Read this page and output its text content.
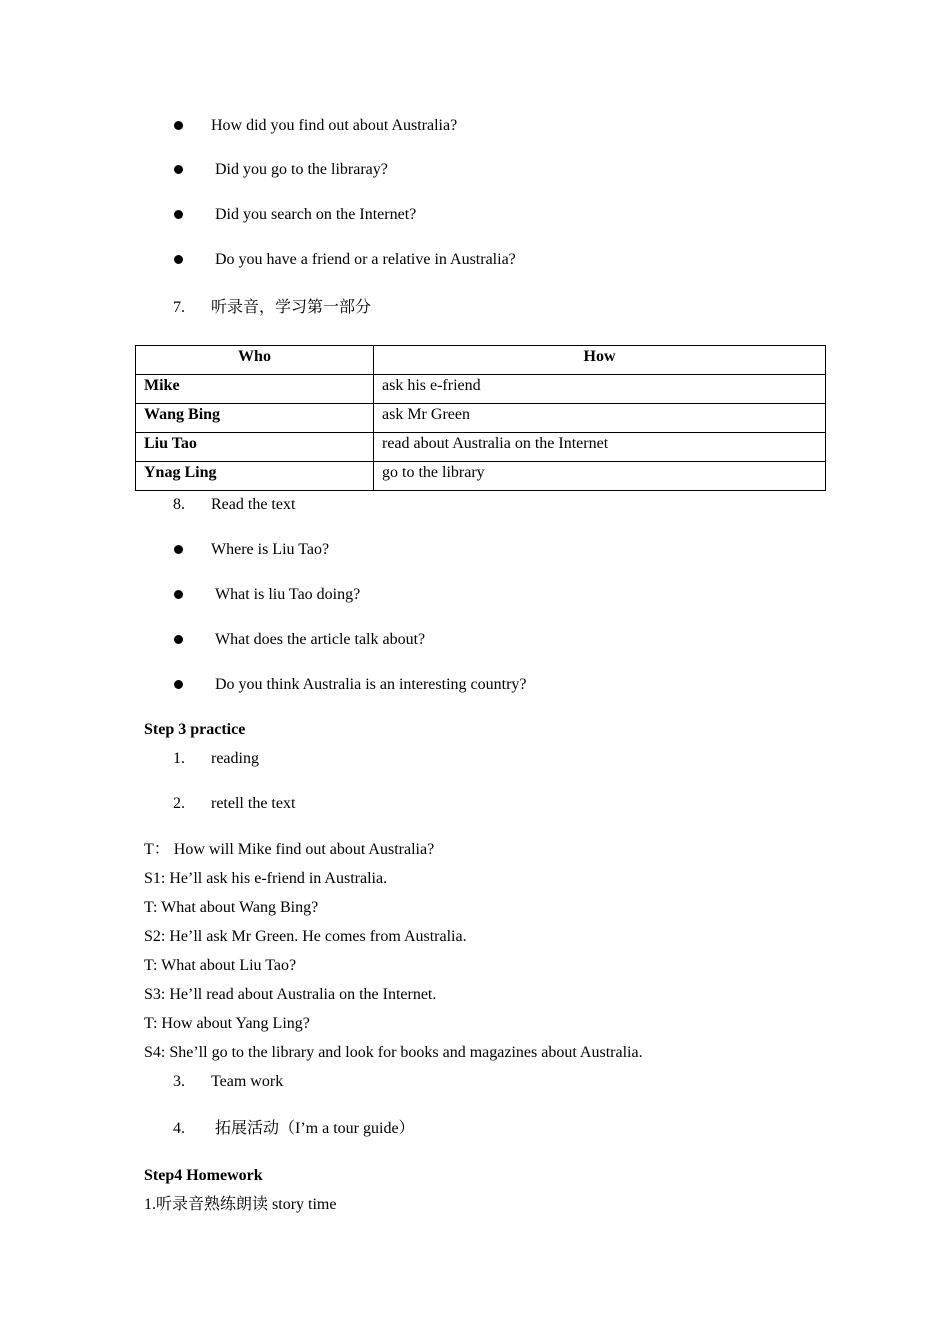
How did you find out about Australia?
Did you go to the libraray?
Did you search on the Internet?
Do you have a friend or a relative in Australia?
7. 听录音，学习第一部分
Who	How
Mike	ask his e-friend
Wang Bing	ask Mr Green
Liu Tao	read about Australia on the Internet
Ynag Ling	go to the library
8. Read the text
Where is Liu Tao?
What is liu Tao doing?
What does the article talk about?
Do you think Australia is an interesting country?
Step 3 practice
1. reading
2. retell the text
T： How will Mike find out about Australia?
S1: He’ll ask his e-friend in Australia.
T: What about Wang Bing?
S2: He’ll ask Mr Green. He comes from Australia.
T: What about Liu Tao?
S3: He’ll read about Australia on the Internet.
T: How about Yang Ling?
S4: She’ll go to the library and look for books and magazines about Australia.
3. Team work
4. 拓展活动（I’m a tour guide）
Step4 Homework
1.听录音熟练朗读 story time
